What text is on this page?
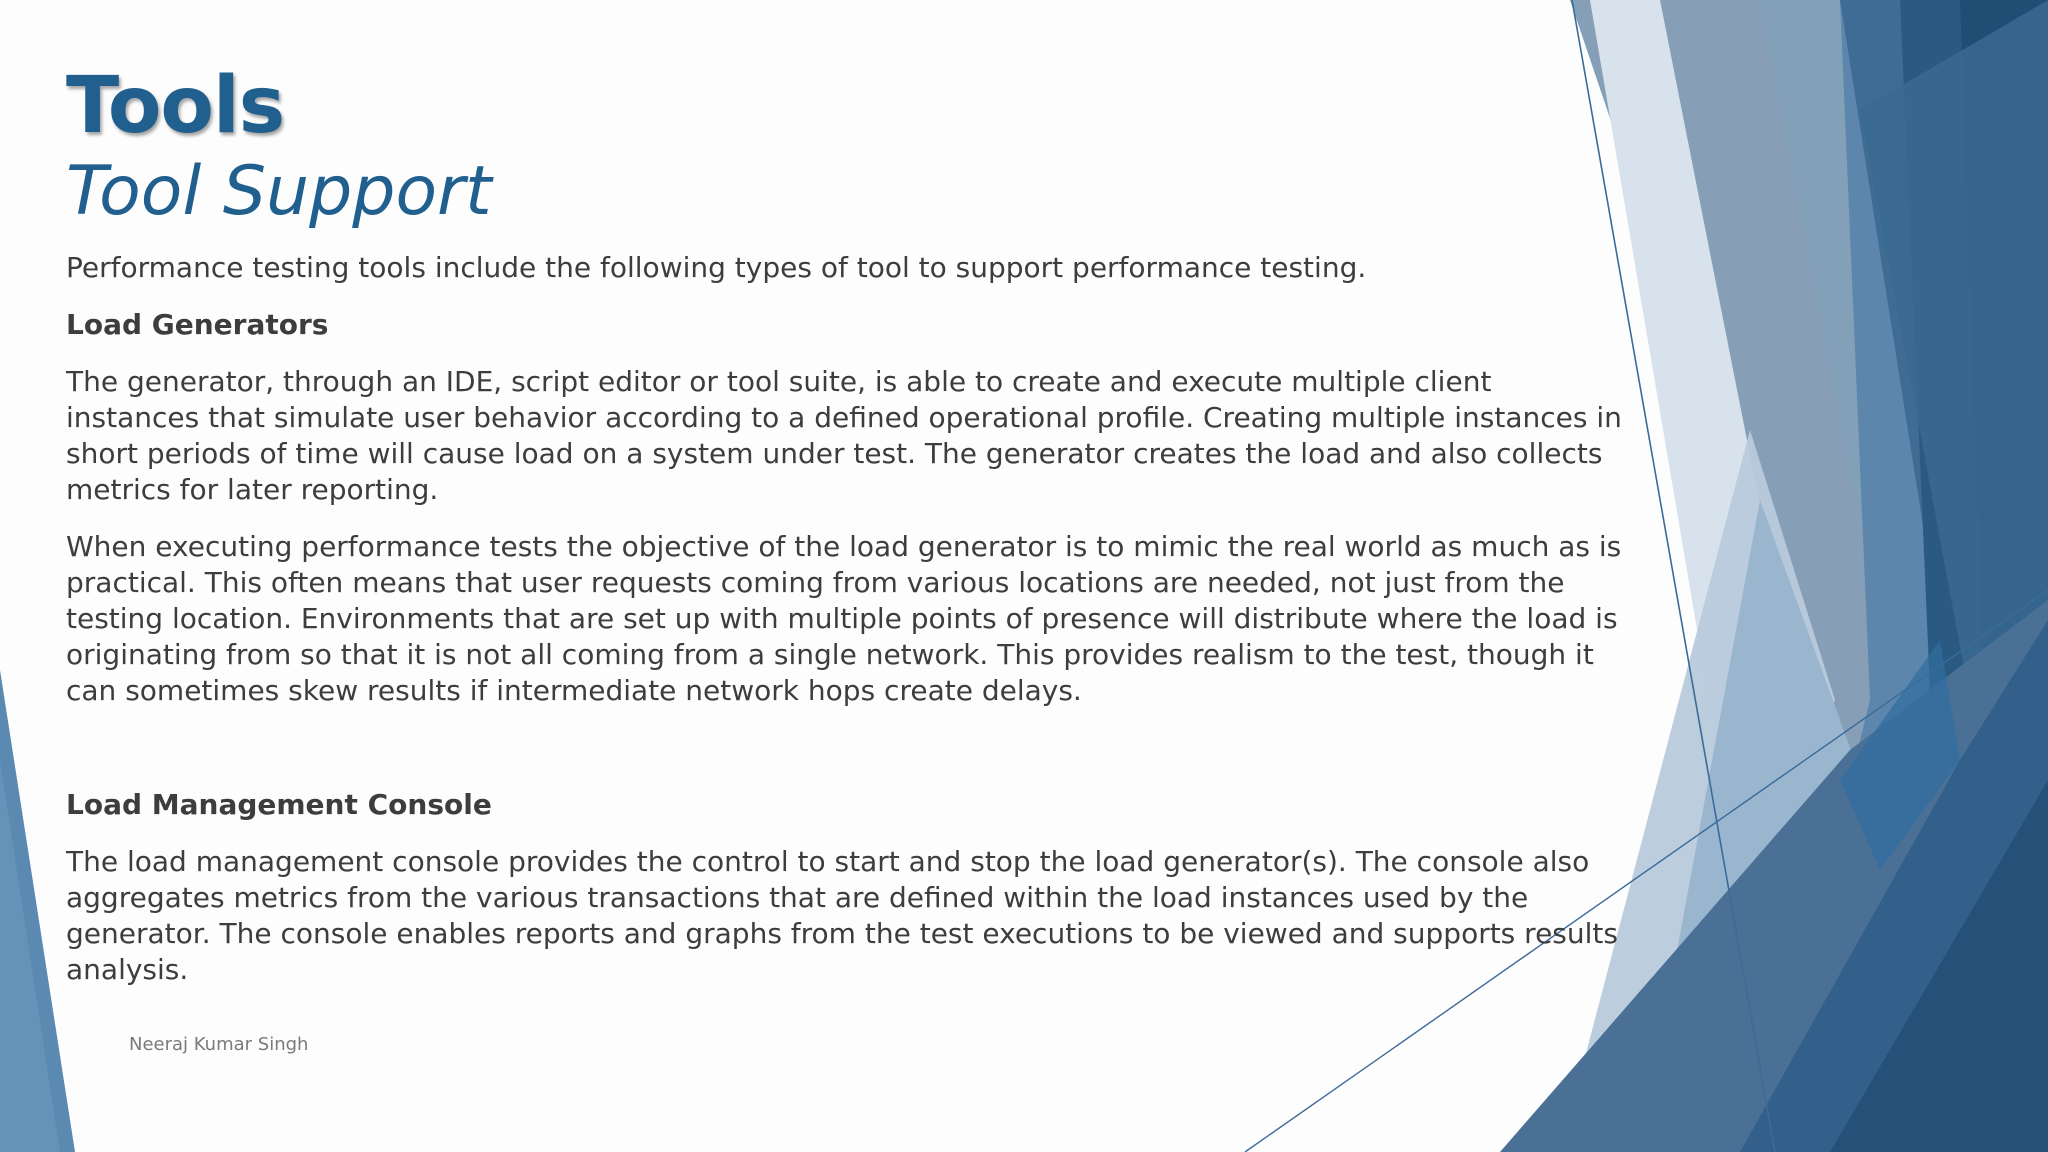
Tools
Tool Support

Performance testing tools include the following types of tool to support performance testing.

Load Generators

The generator, through an IDE, script editor or tool suite, is able to create and execute multiple client instances that simulate user behavior according to a defined operational profile. Creating multiple instances in short periods of time will cause load on a system under test. The generator creates the load and also collects metrics for later reporting.

When executing performance tests the objective of the load generator is to mimic the real world as much as is practical. This often means that user requests coming from various locations are needed, not just from the testing location. Environments that are set up with multiple points of presence will distribute where the load is originating from so that it is not all coming from a single network. This provides realism to the test, though it can sometimes skew results if intermediate network hops create delays.

Load Management Console

The load management console provides the control to start and stop the load generator(s). The console also aggregates metrics from the various transactions that are defined within the load instances used by the generator. The console enables reports and graphs from the test executions to be viewed and supports results analysis.

Neeraj Kumar Singh
